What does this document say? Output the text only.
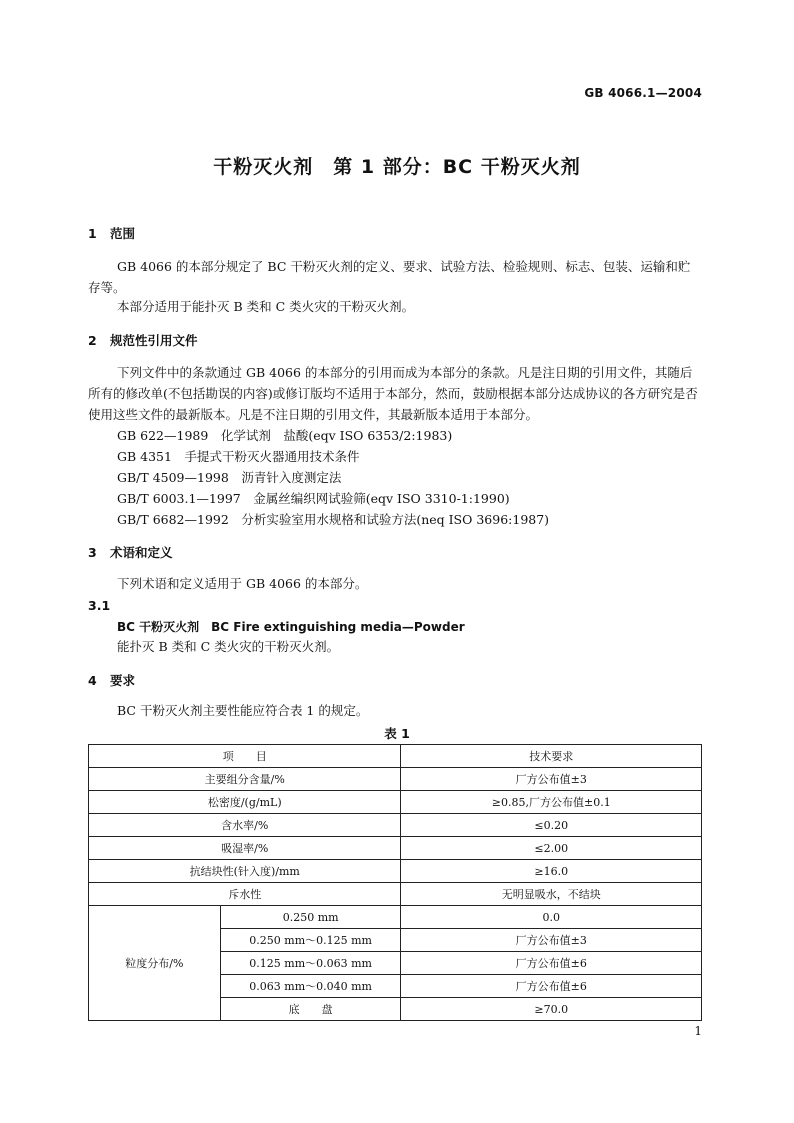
GB 4066.1—2004
干粉灭火剂　第 1 部分：BC 干粉灭火剂
1 范围
GB 4066 的本部分规定了 BC 干粉灭火剂的定义、要求、试验方法、检验规则、标志、包装、运输和贮存等。
本部分适用于能扑灭 B 类和 C 类火灾的干粉灭火剂。
2 规范性引用文件
下列文件中的条款通过 GB 4066 的本部分的引用而成为本部分的条款。凡是注日期的引用文件，其随后所有的修改单(不包括勘误的内容)或修订版均不适用于本部分，然而，鼓励根据本部分达成协议的各方研究是否使用这些文件的最新版本。凡是不注日期的引用文件，其最新版本适用于本部分。
GB 622—1989　化学试剂　盐酸(eqv ISO 6353/2:1983)
GB 4351　手提式干粉灭火器通用技术条件
GB/T 4509—1998　沥青针入度测定法
GB/T 6003.1—1997　金属丝编织网试验筛(eqv ISO 3310-1:1990)
GB/T 6682—1992　分析实验室用水规格和试验方法(neq ISO 3696:1987)
3 术语和定义
下列术语和定义适用于 GB 4066 的本部分。
3.1
BC 干粉灭火剂　BC Fire extinguishing media—Powder
能扑灭 B 类和 C 类火灾的干粉灭火剂。
4 要求
BC 干粉灭火剂主要性能应符合表 1 的规定。
表 1
项　　目		技术要求
主要组分含量/%		厂方公布值±3
松密度/(g/mL)		≥0.85,厂方公布值±0.1
含水率/%		≤0.20
吸湿率/%		≤2.00
抗结块性(针入度)/mm		≥16.0
斥水性		无明显吸水，不结块
粒度分布/%	0.250 mm	0.0
	0.250 mm～0.125 mm	厂方公布值±3
	0.125 mm～0.063 mm	厂方公布值±6
	0.063 mm～0.040 mm	厂方公布值±6
	底　　盘	≥70.0
1
